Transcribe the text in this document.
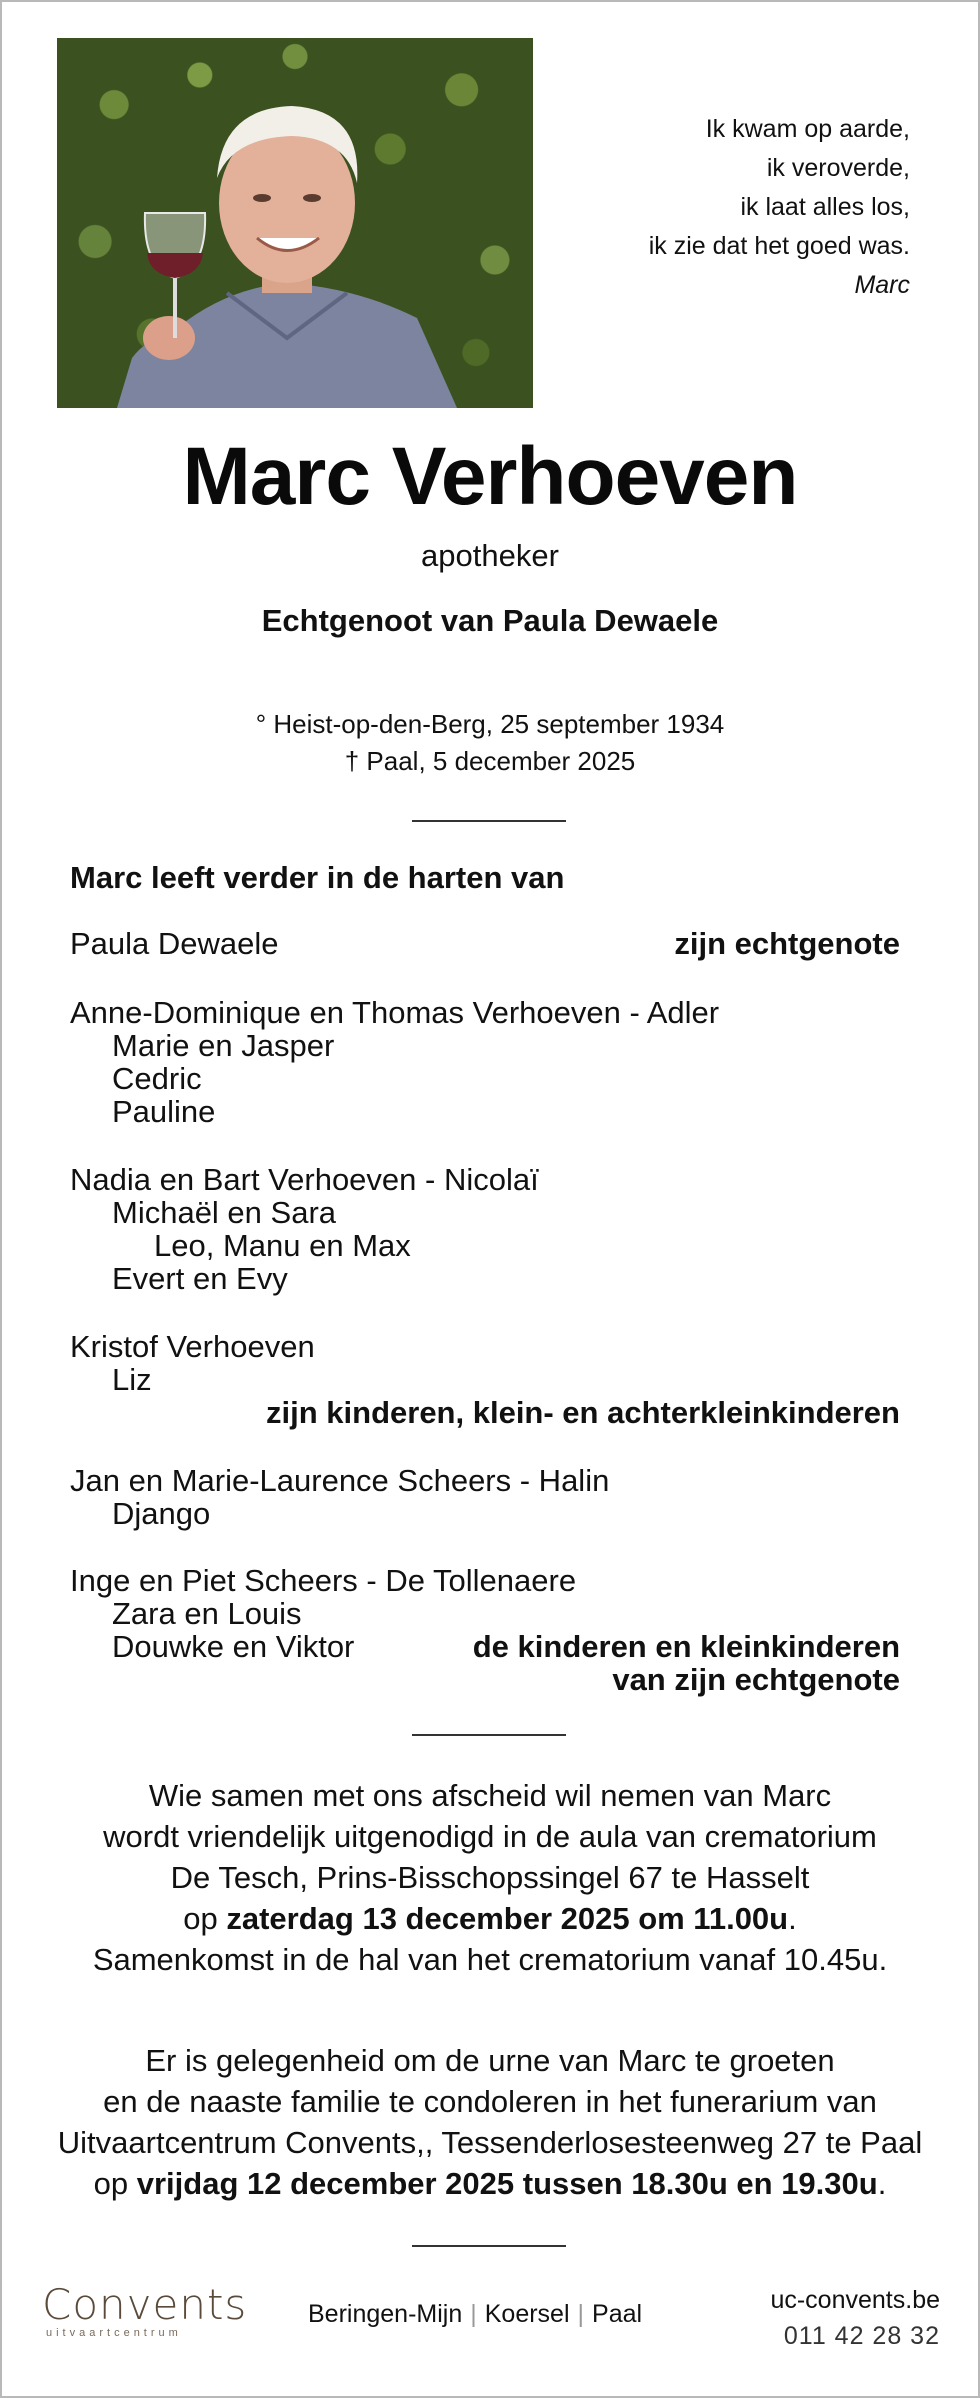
Ik kwam op aarde,
ik veroverde,
ik laat alles los,
ik zie dat het goed was.
Marc
Marc Verhoeven
apotheker
Echtgenoot van Paula Dewaele
° Heist-op-den-Berg, 25 september 1934
† Paal, 5 december 2025
Marc leeft verder in de harten van
Paula Dewaele	zijn echtgenote
Anne-Dominique en Thomas Verhoeven - Adler
Marie en Jasper
Cedric
Pauline
Nadia en Bart Verhoeven - Nicolaï
Michaël en Sara
Leo, Manu en Max
Evert en Evy
Kristof Verhoeven
Liz
zijn kinderen, klein- en achterkleinkinderen
Jan en Marie-Laurence Scheers - Halin
Django
Inge en Piet Scheers - De Tollenaere
Zara en Louis
Douwke en Viktor	de kinderen en kleinkinderen
van zijn echtgenote
Wie samen met ons afscheid wil nemen van Marc
wordt vriendelijk uitgenodigd in de aula van crematorium
De Tesch, Prins-Bisschopssingel 67 te Hasselt
op zaterdag 13 december 2025 om 11.00u.
Samenkomst in de hal van het crematorium vanaf 10.45u.
Er is gelegenheid om de urne van Marc te groeten
en de naaste familie te condoleren in het funerarium van
Uitvaartcentrum Convents,, Tessenderlosesteenweg 27 te Paal
op vrijdag 12 december 2025 tussen 18.30u en 19.30u.
Convents
uitvaartcentrum
Beringen-Mijn | Koersel | Paal	uc-convents.be
011 42 28 32
